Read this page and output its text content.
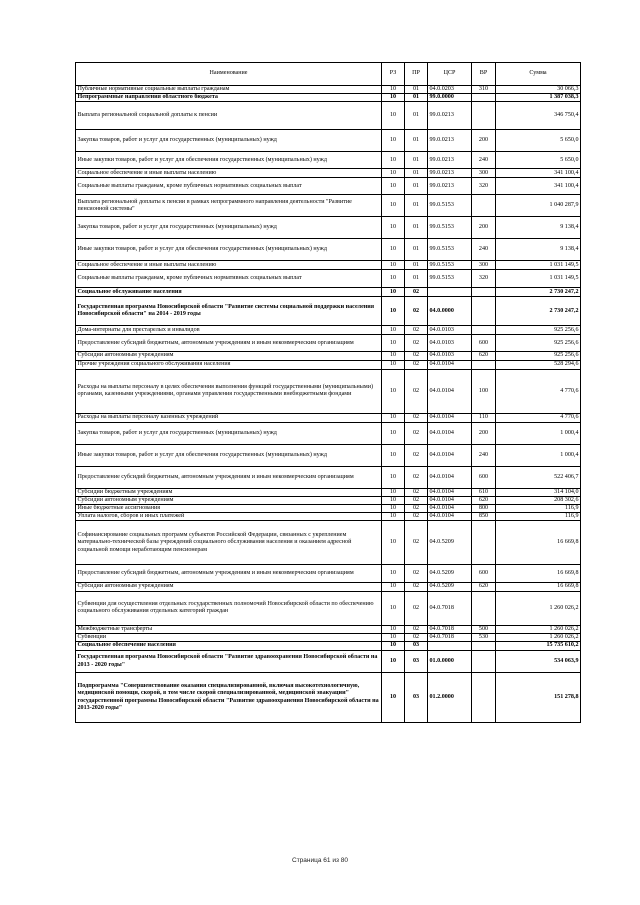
Наименование	РЗ	ПР	ЦСР	ВР	Сумма
Публичные нормативные социальные выплаты гражданам	10	01	04.0.0203	310	30 066,3
Непрограммные направления областного бюджета	10	01	99.0.0000		1 387 038,3
Выплата региональной социальной доплаты к пенсии	10	01	99.0.0213		346 750,4
Закупка товаров, работ и услуг для государственных (муниципальных) нужд	10	01	99.0.0213	200	5 650,0
Иные закупки товаров, работ и услуг для обеспечения государственных (муниципальных) нужд	10	01	99.0.0213	240	5 650,0
Социальное обеспечение и иные выплаты населению	10	01	99.0.0213	300	341 100,4
Социальные выплаты гражданам, кроме публичных нормативных социальных выплат	10	01	99.0.0213	320	341 100,4
Выплата региональной доплаты к пенсии в рамках непрограммного направления деятельности "Развитие пенсионной системы"	10	01	99.0.5153		1 040 287,9
Закупка товаров, работ и услуг для государственных (муниципальных) нужд	10	01	99.0.5153	200	9 138,4
Иные закупки товаров, работ и услуг для обеспечения государственных (муниципальных) нужд	10	01	99.0.5153	240	9 138,4
Социальное обеспечение и иные выплаты населению	10	01	99.0.5153	300	1 031 149,5
Социальные выплаты гражданам, кроме публичных нормативных социальных выплат	10	01	99.0.5153	320	1 031 149,5
Социальное обслуживание населения	10	02			2 730 247,2
Государственная программа Новосибирской области "Развитие системы социальной поддержки населения Новосибирской области" на 2014 - 2019 годы	10	02	04.0.0000		2 730 247,2
Дома-интернаты для престарелых и инвалидов	10	02	04.0.0103		925 256,6
Предоставление субсидий бюджетным, автономным учреждениям и иным некоммерческим организациям	10	02	04.0.0103	600	925 256,6
Субсидии автономным учреждениям	10	02	04.0.0103	620	925 256,6
Прочие учреждения социального обслуживания населения	10	02	04.0.0104		528 294,6
Расходы на выплаты персоналу в целях обеспечения выполнения функций государственными (муниципальными) органами, казенными учреждениями, органами управления государственными внебюджетными фондами	10	02	04.0.0104	100	4 770,6
Расходы на выплаты персоналу казенных учреждений	10	02	04.0.0104	110	4 770,6
Закупка товаров, работ и услуг для государственных (муниципальных) нужд	10	02	04.0.0104	200	1 000,4
Иные закупки товаров, работ и услуг для обеспечения государственных (муниципальных) нужд	10	02	04.0.0104	240	1 000,4
Предоставление субсидий бюджетным, автономным учреждениям и иным некоммерческим организациям	10	02	04.0.0104	600	522 406,7
Субсидии бюджетным учреждениям	10	02	04.0.0104	610	314 104,0
Субсидии автономным учреждениям	10	02	04.0.0104	620	208 302,6
Иные бюджетные ассигнования	10	02	04.0.0104	800	116,9
Уплата налогов, сборов и иных платежей	10	02	04.0.0104	850	116,9
Софинансирование социальных программ субъектов Российской Федерации, связанных с укреплением материально-технической базы учреждений социального обслуживания населения и оказанием адресной социальной помощи неработающим пенсионерам	10	02	04.0.5209		16 669,8
Предоставление субсидий бюджетным, автономным учреждениям и иным некоммерческим организациям	10	02	04.0.5209	600	16 669,8
Субсидии автономным учреждениям	10	02	04.0.5209	620	16 669,8
Субвенции для осуществления отдельных государственных полномочий Новосибирской области по обеспечению социального обслуживания отдельных категорий граждан	10	02	04.0.7018		1 260 026,2
Межбюджетные трансферты	10	02	04.0.7018	500	1 260 026,2
Субвенции	10	02	04.0.7018	530	1 260 026,2
Социальное обеспечение населения	10	03			15 735 610,2
Государственная программа Новосибирской области "Развитие здравоохранения Новосибирской области на 2013 - 2020 годы"	10	03	01.0.0000		534 063,9
Подпрограмма "Совершенствование оказания специализированной, включая высокотехнологичную, медицинской помощи, скорой, в том числе скорой специализированной, медицинской эвакуации" государственной программы Новосибирской области "Развитие здравоохранения Новосибирской области на 2013-2020 годы"	10	03	01.2.0000		151 278,8
Страница 61 из 80
